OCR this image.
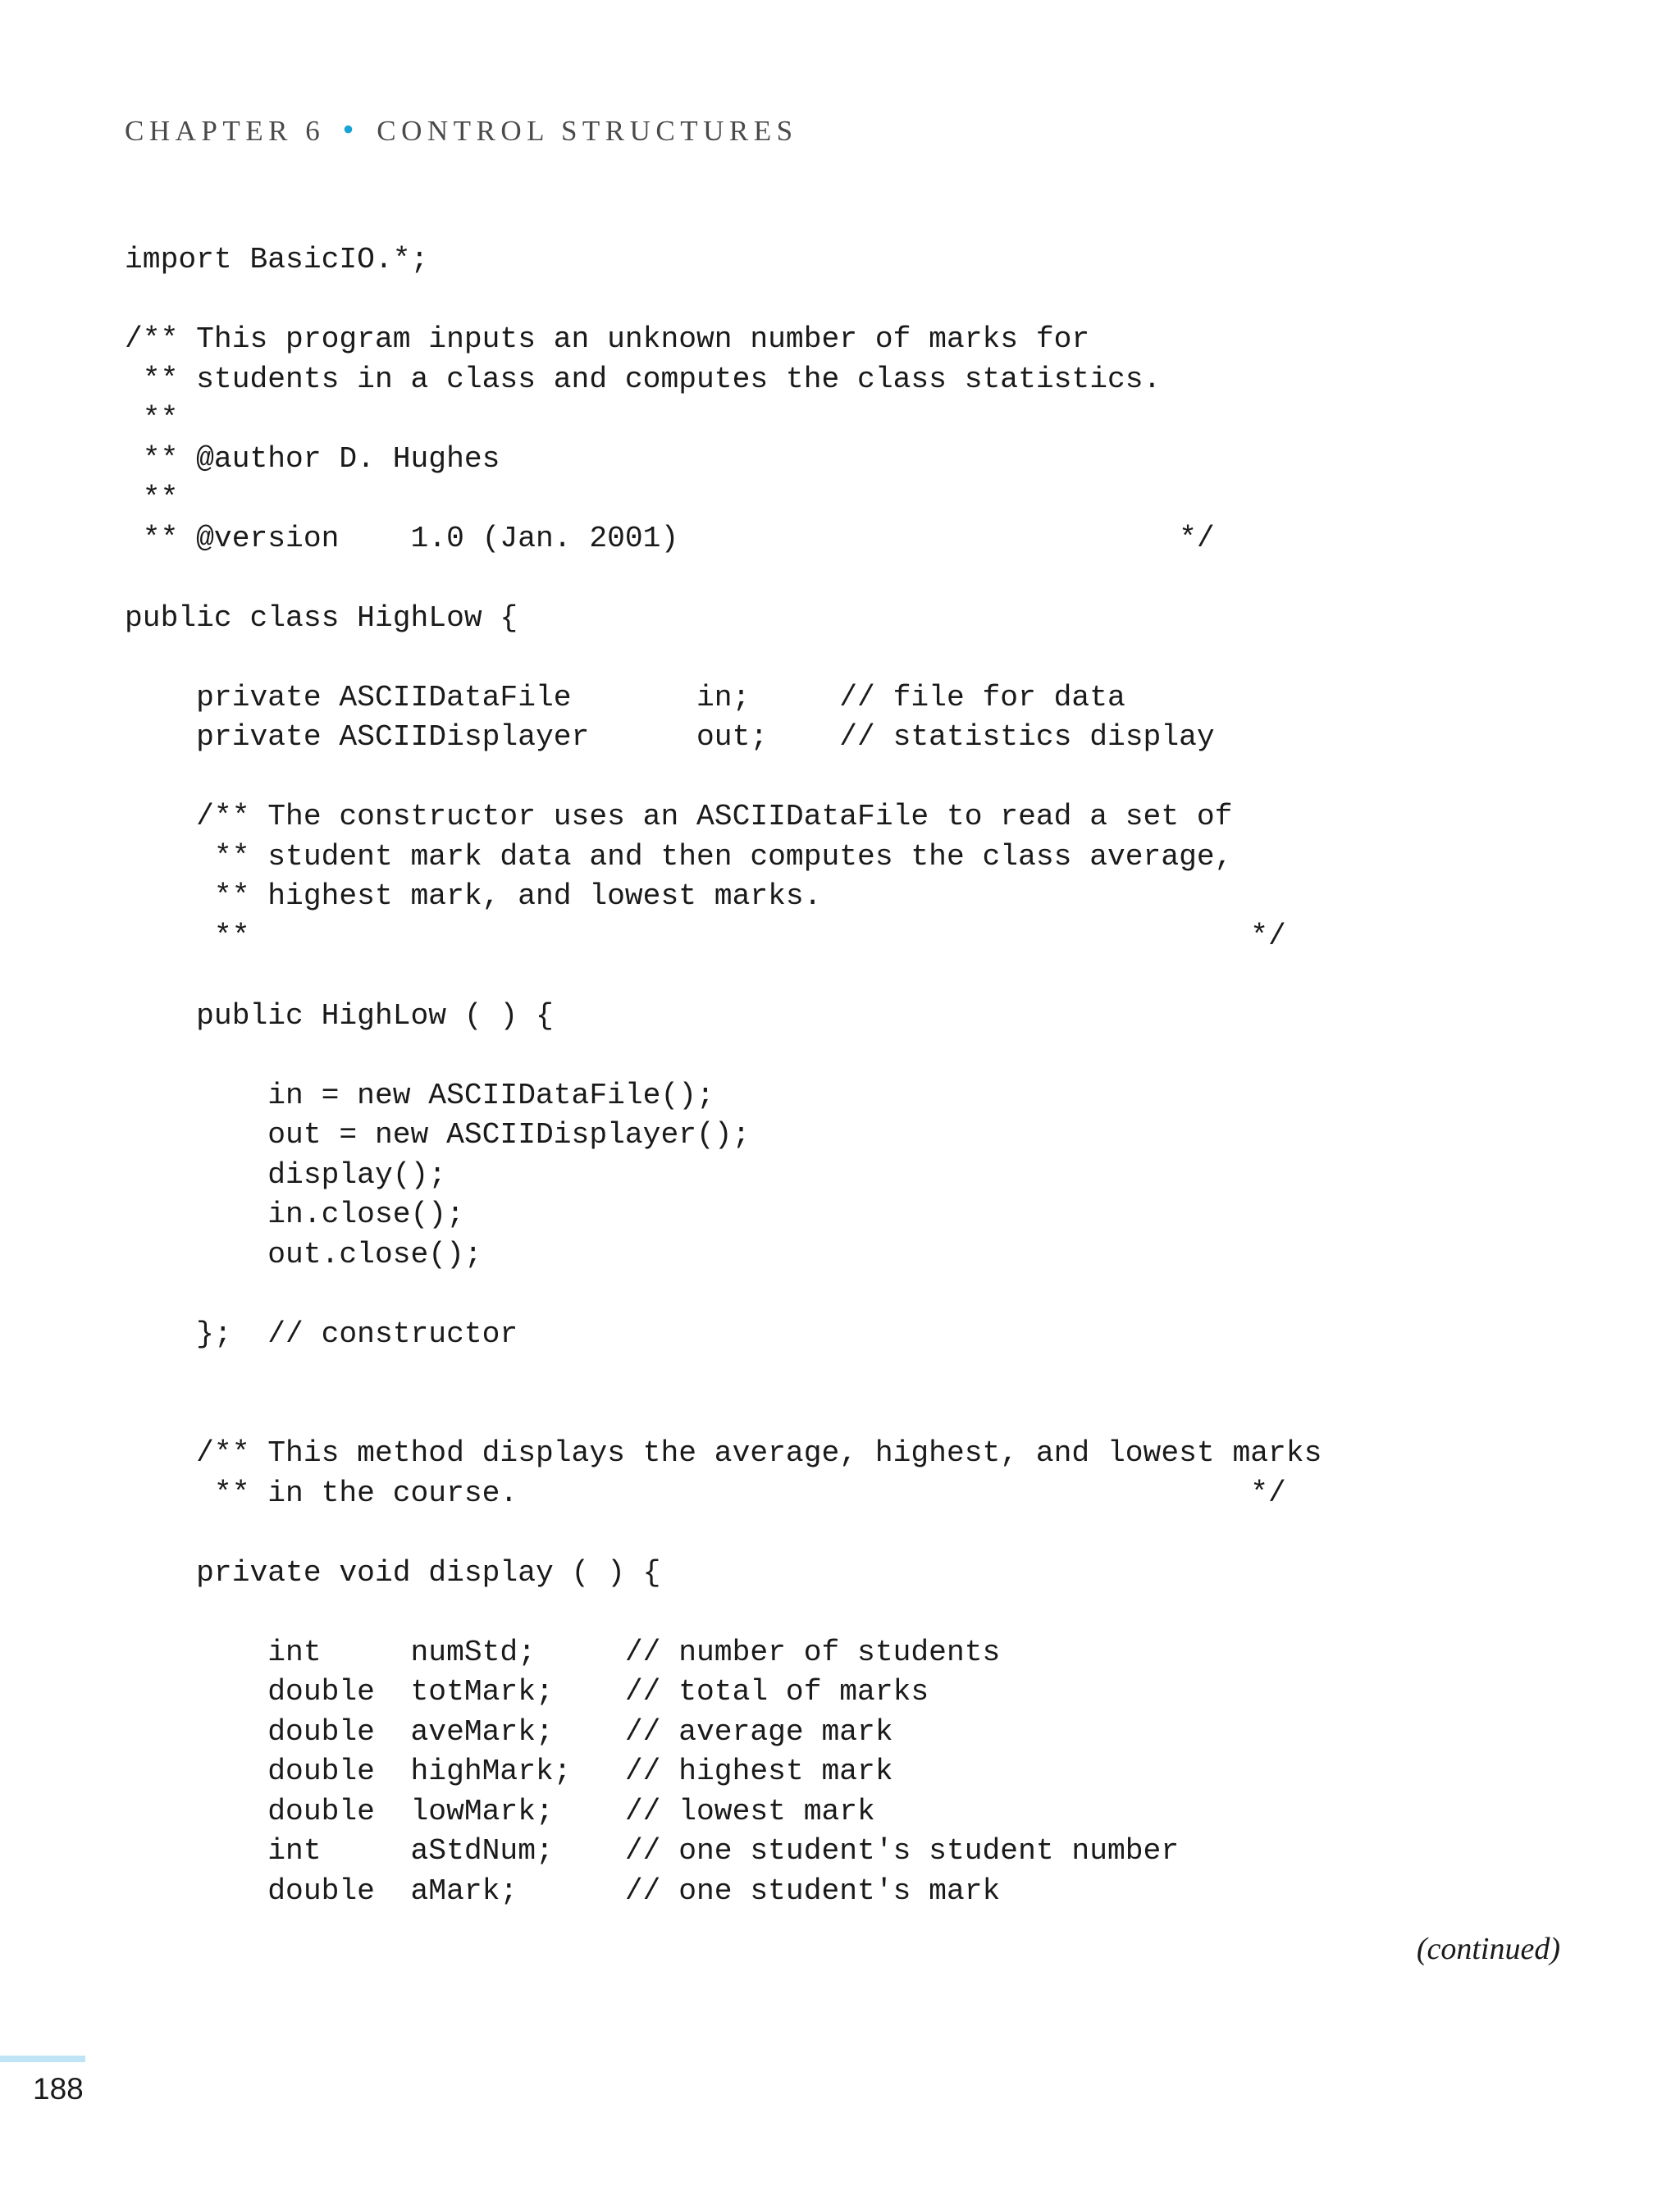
CHAPTER 6 • CONTROL STRUCTURES
import BasicIO.*;
/** This program inputs an unknown number of marks for
** students in a class and computes the class statistics.
**
** @author D. Hughes
**
** @version    1.0 (Jan. 2001)                            */
public class HighLow {
private ASCIIDataFile       in;     // file for data
private ASCIIDisplayer      out;    // statistics display
/** The constructor uses an ASCIIDataFile to read a set of
** student mark data and then computes the class average,
** highest mark, and lowest marks.
**                                                        */
public HighLow ( ) {
in = new ASCIIDataFile();
out = new ASCIIDisplayer();
display();
in.close();
out.close();
};  // constructor
/** This method displays the average, highest, and lowest marks
** in the course.                                         */
private void display ( ) {
int     numStd;     // number of students
double  totMark;    // total of marks
double  aveMark;    // average mark
double  highMark;   // highest mark
double  lowMark;    // lowest mark
int     aStdNum;    // one student's student number
double  aMark;      // one student's mark
(continued)
188
